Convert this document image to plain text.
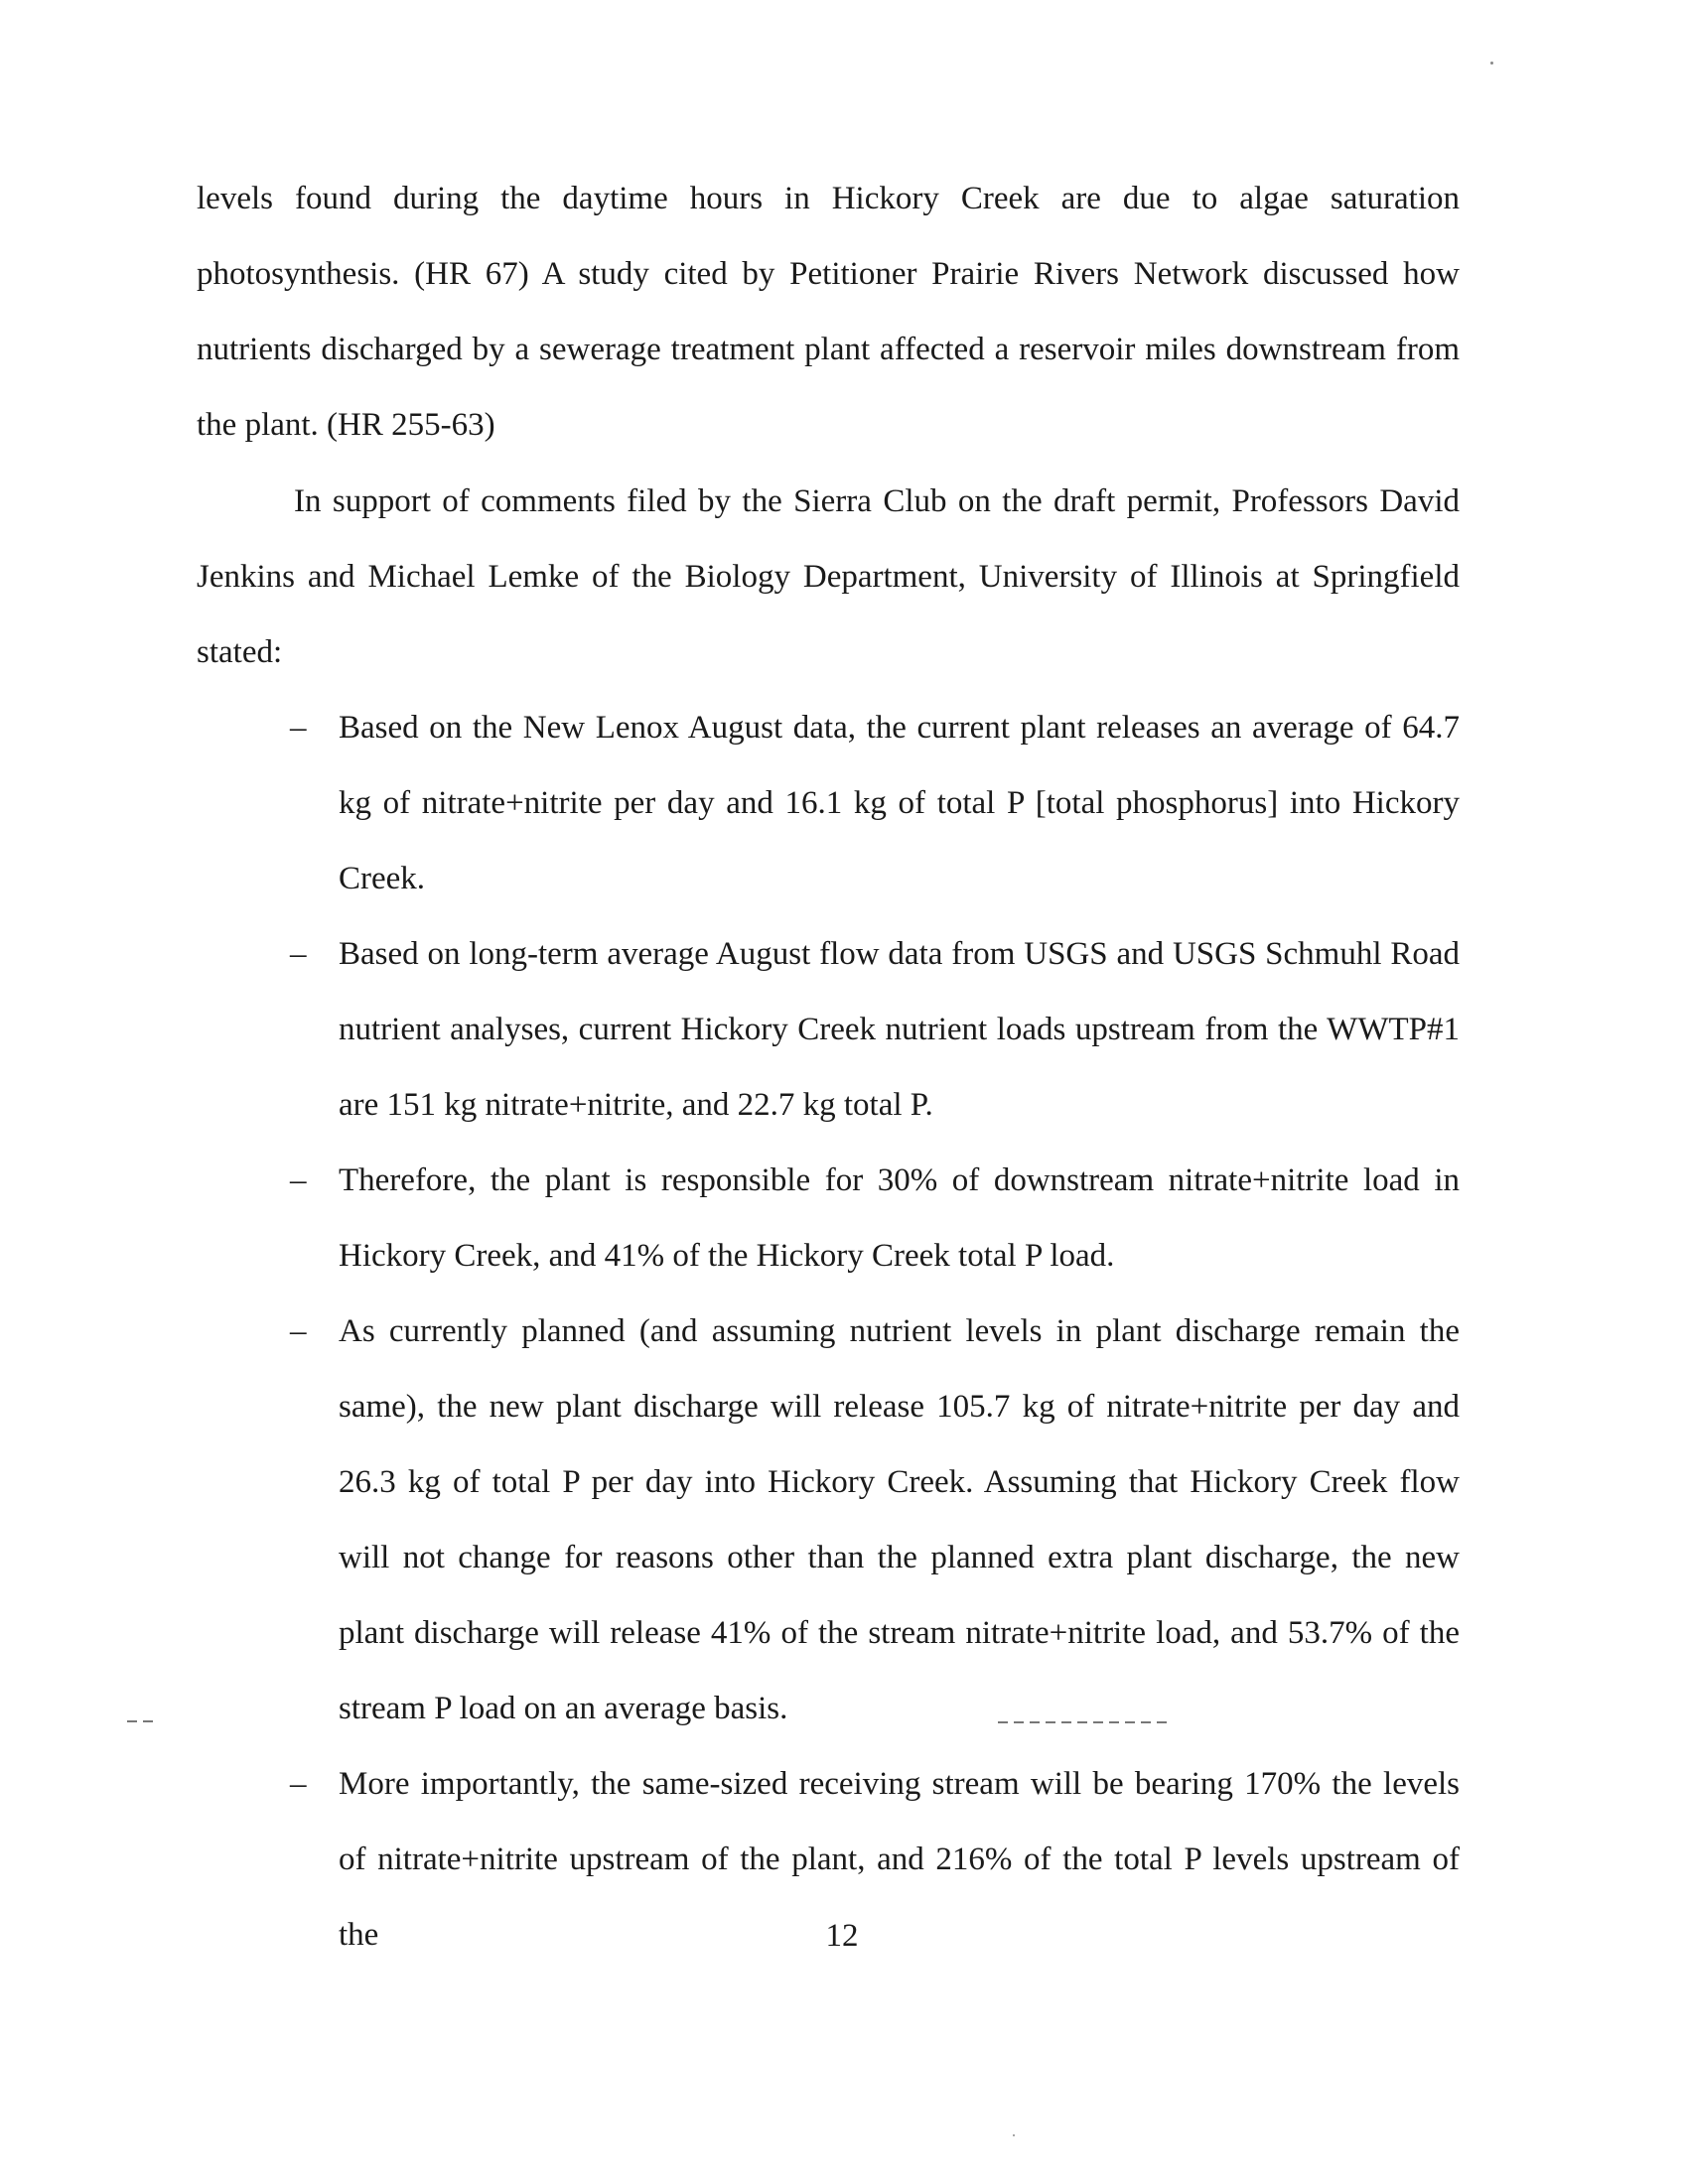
levels found during the daytime hours in Hickory Creek are due to algae saturation photosynthesis. (HR 67) A study cited by Petitioner Prairie Rivers Network discussed how nutrients discharged by a sewerage treatment plant affected a reservoir miles downstream from the plant. (HR 255-63)

In support of comments filed by the Sierra Club on the draft permit, Professors David Jenkins and Michael Lemke of the Biology Department, University of Illinois at Springfield stated:

– Based on the New Lenox August data, the current plant releases an average of 64.7 kg of nitrate+nitrite per day and 16.1 kg of total P [total phosphorus] into Hickory Creek.
– Based on long-term average August flow data from USGS and USGS Schmuhl Road nutrient analyses, current Hickory Creek nutrient loads upstream from the WWTP#1 are 151 kg nitrate+nitrite, and 22.7 kg total P.
– Therefore, the plant is responsible for 30% of downstream nitrate+nitrite load in Hickory Creek, and 41% of the Hickory Creek total P load.
– As currently planned (and assuming nutrient levels in plant discharge remain the same), the new plant discharge will release 105.7 kg of nitrate+nitrite per day and 26.3 kg of total P per day into Hickory Creek. Assuming that Hickory Creek flow will not change for reasons other than the planned extra plant discharge, the new plant discharge will release 41% of the stream nitrate+nitrite load, and 53.7% of the stream P load on an average basis.
– More importantly, the same-sized receiving stream will be bearing 170% the levels of nitrate+nitrite upstream of the plant, and 216% of the total P levels upstream of the	12
